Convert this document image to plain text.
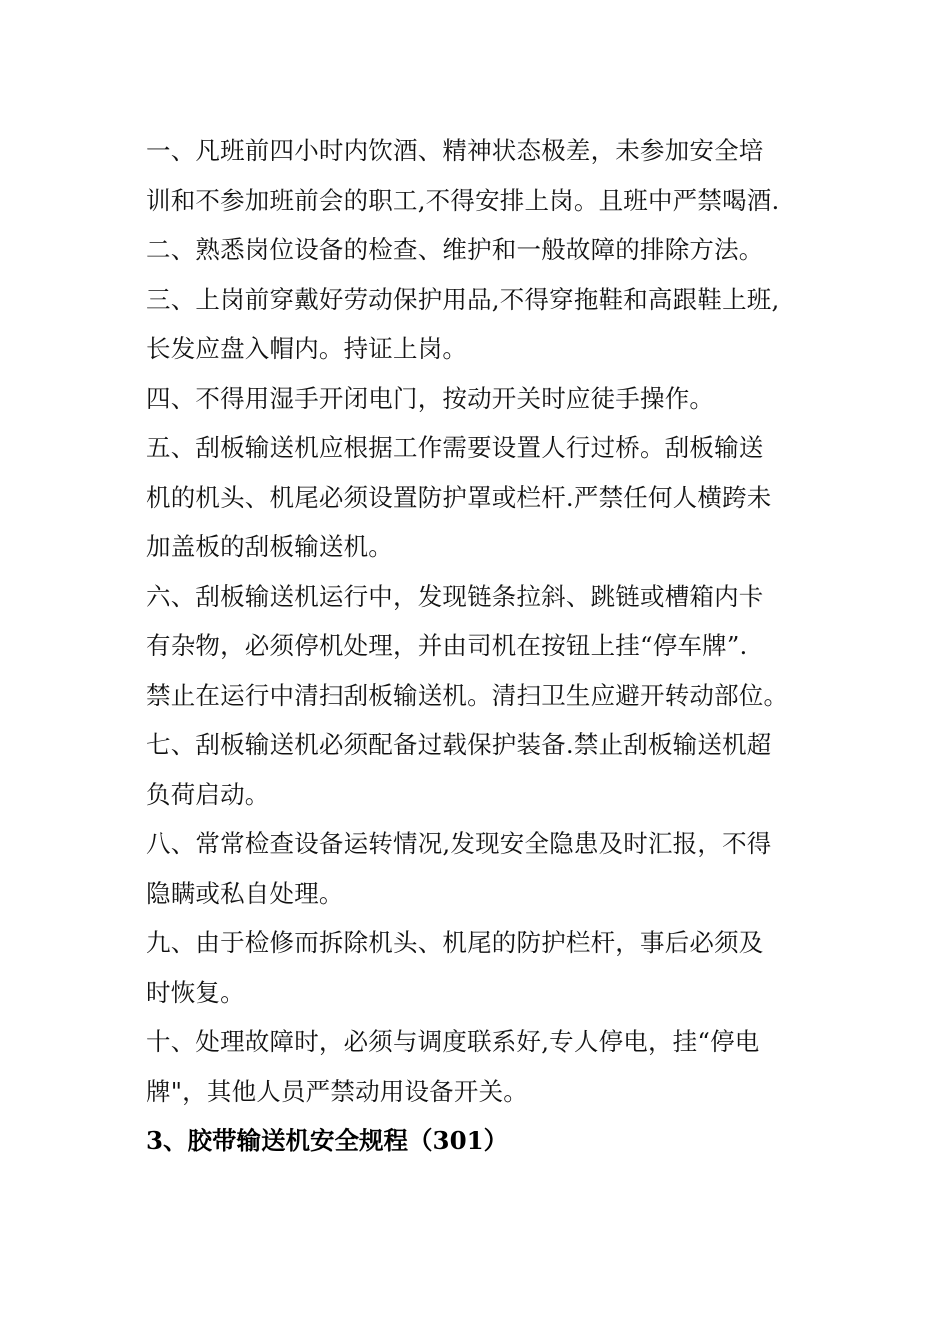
一、凡班前四小时内饮酒、精神状态极差，未参加安全培
训和不参加班前会的职工,不得安排上岗。且班中严禁喝酒.
二、熟悉岗位设备的检查、维护和一般故障的排除方法。
三、上岗前穿戴好劳动保护用品,不得穿拖鞋和高跟鞋上班,
长发应盘入帽内。持证上岗。
四、不得用湿手开闭电门，按动开关时应徒手操作。
五、刮板输送机应根据工作需要设置人行过桥。刮板输送
机的机头、机尾必须设置防护罩或栏杆.严禁任何人横跨未
加盖板的刮板输送机。
六、刮板输送机运行中，发现链条拉斜、跳链或槽箱内卡
有杂物，必须停机处理，并由司机在按钮上挂“停车牌”.
禁止在运行中清扫刮板输送机。清扫卫生应避开转动部位。
七、刮板输送机必须配备过载保护装备.禁止刮板输送机超
负荷启动。
八、常常检查设备运转情况,发现安全隐患及时汇报，不得
隐瞒或私自处理。
九、由于检修而拆除机头、机尾的防护栏杆，事后必须及
时恢复。
十、处理故障时，必须与调度联系好,专人停电，挂“停电
牌"，其他人员严禁动用设备开关。
3、胶带输送机安全规程（301）
